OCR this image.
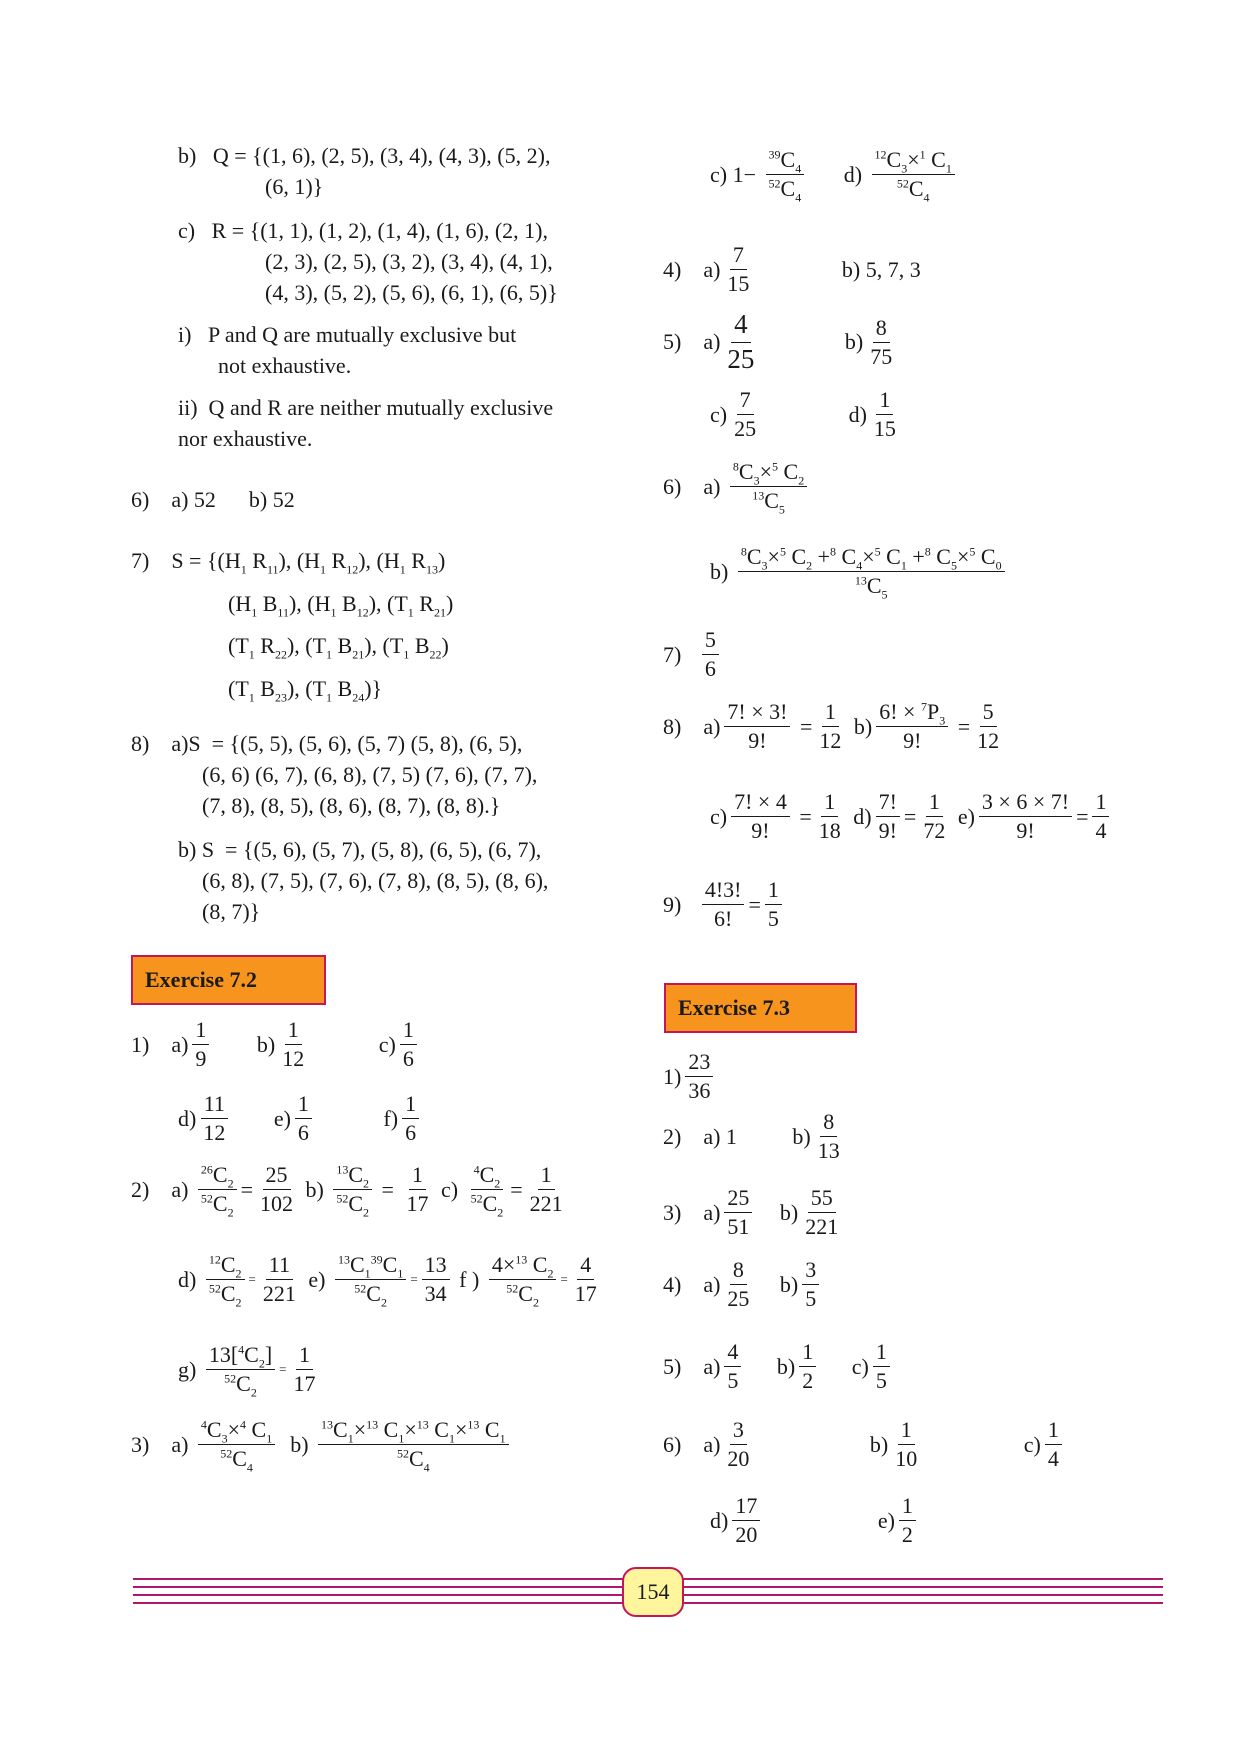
b)   Q = {(1, 6), (2, 5), (3, 4), (4, 3), (5, 2),
(6, 1)}
c)   R = {(1, 1), (1, 2), (1, 4), (1, 6), (2, 1),
(2, 3), (2, 5), (3, 2), (3, 4), (4, 1),
(4, 3), (5, 2), (5, 6), (6, 1), (6, 5)}
i)   P and Q are mutually exclusive but
not exhaustive.
ii)  Q and R are neither mutually exclusive
nor exhaustive.
6)    a) 52      b) 52
7)    $S = \{(H_1$ $R_{11}$), ($H_1$ $R_{12}$), ($H_1$ $R_{13}$)
($H_1$ $B_{11}$), ($H_1$ $B_{12}$), ($T_1$ $R_{21}$)
($T_1$ $R_{22}$), ($T_1$ $B_{21}$), ($T_1$ $B_{22}$)
($T_1$ $B_{23}$), ($T_1$ $B_{24}$)}
8)    a)S  = {(5, 5), (5, 6), (5, 7) (5, 8), (6, 5),
(6, 6) (6, 7), (6, 8), (7, 5) (7, 6), (7, 7),
(7, 8), (8, 5), (8, 6), (8, 7), (8, 8).}
b) S  = {(5, 6), (5, 7), (5, 8), (6, 5), (6, 7),
(6, 8), (7, 5), (7, 6), (7, 8), (8, 5), (8, 6),
(8, 7)}
Exercise 7.2
1)    $a) \frac{1}{9} b) \frac{1}{12}$	$c) \frac{1}{6}$
$d) \frac{11}{12} e) \frac{1}{6}$	$f) \frac{1}{6}$
2)    $a) \frac{^{26}C_2}{^{52}C_2} = \frac{25}{102} b) \frac{^{13}C_2}{^{52}C_2} = \frac{1}{17} c) \frac{^4C_2}{^{52}C_2} = \frac{1}{221}$
$d) \frac{^{12}C_2}{^{52}C_2} = \frac{11}{221} e) \frac{^{13}C_1^{39}C_1}{^{52}C_2} = \frac{13}{34}$ f ) $\frac{4\times^{13} C_2}{^{52}C_2} = \frac{4}{17}$
$g) \frac{13[^4C_2]}{^{52}C_2} = \frac{1}{17}$
3)    $a) \frac{^4C_3\times^4 C_1}{^{52}C_4} b) \frac{^{13}C_1\times^{13} C_1\times^{13} C_1\times^{13} C_1}{^{52}C_4}$
c) $1- \frac{^{39}C_4}{^{52}C_4} d) \frac{^{12}C_3\times^1 C_1}{^{52}C_4}$
4)    $a) \frac{7}{15}$	b) 5, 7, 3
5)    $a) \frac{4}{25}$	$b) \frac{8}{75}$
$c) \frac{7}{25}$	$d) \frac{1}{15}$
6)    $a) \frac{^8C_3\times^5 C_2}{^{13}C_5}$
$b) \frac{^8C_3\times^5 C_2 +^8 C_4\times^5 C_1 +^8 C_5\times^5 C_0}{^{13}C_5}$
$7) \frac{5}{6}$
8)    $a) \frac{7! \times 3!}{9!} = \frac{1}{12} b) \frac{6! \times ^7P_3}{9!} = \frac{5}{12}$
$c) \frac{7! \times 4}{9!} = \frac{1}{18} d) \frac{7!}{9!} = \frac{1}{72} e) \frac{3 \times 6 \times 7!}{9!} = \frac{1}{4}$
$9) \frac{4!3!}{6!} = \frac{1}{5}$
Exercise 7.3
$1) \frac{23}{36}$
2)    a) 1	$b) \frac{8}{13}$
3)    $a) \frac{25}{51} b) \frac{55}{221}$
4)    $a) \frac{8}{25} b) \frac{3}{5}$
5)    $a) \frac{4}{5} b) \frac{1}{2} c) \frac{1}{5}$
6)    $a) \frac{3}{20}$	$b) \frac{1}{10}$	$c) \frac{1}{4}$
$d) \frac{17}{20}$	$e) \frac{1}{2}$
154
